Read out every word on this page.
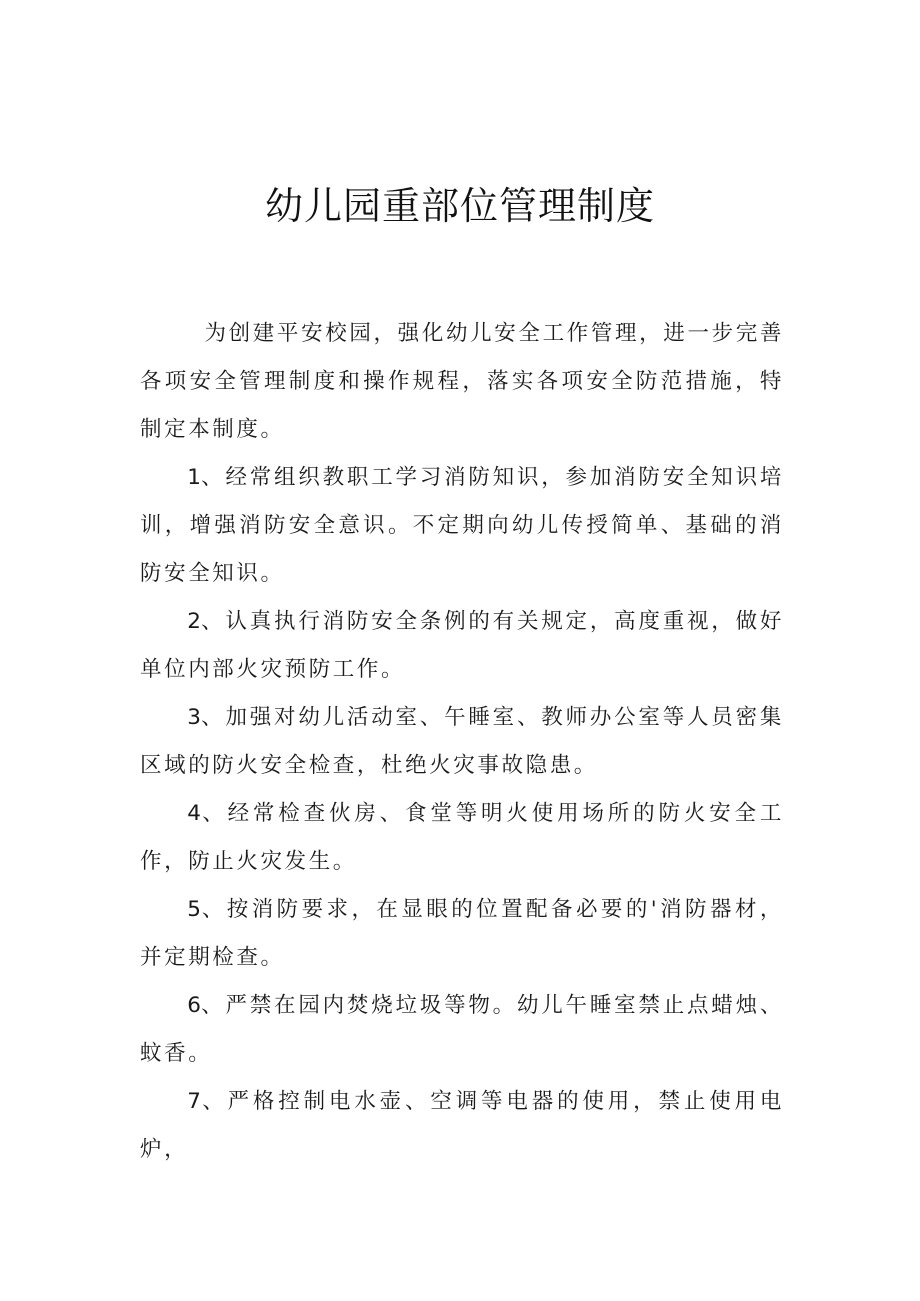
幼儿园重部位管理制度

为创建平安校园，强化幼儿安全工作管理，进一步完善各项安全管理制度和操作规程，落实各项安全防范措施，特制定本制度。

1、经常组织教职工学习消防知识，参加消防安全知识培训，增强消防安全意识。不定期向幼儿传授简单、基础的消防安全知识。

2、认真执行消防安全条例的有关规定，高度重视，做好单位内部火灾预防工作。

3、加强对幼儿活动室、午睡室、教师办公室等人员密集区域的防火安全检查，杜绝火灾事故隐患。

4、经常检查伙房、食堂等明火使用场所的防火安全工作，防止火灾发生。

5、按消防要求，在显眼的位置配备必要的'消防器材，并定期检查。

6、严禁在园内焚烧垃圾等物。幼儿午睡室禁止点蜡烛、蚊香。

7、严格控制电水壶、空调等电器的使用，禁止使用电炉，
